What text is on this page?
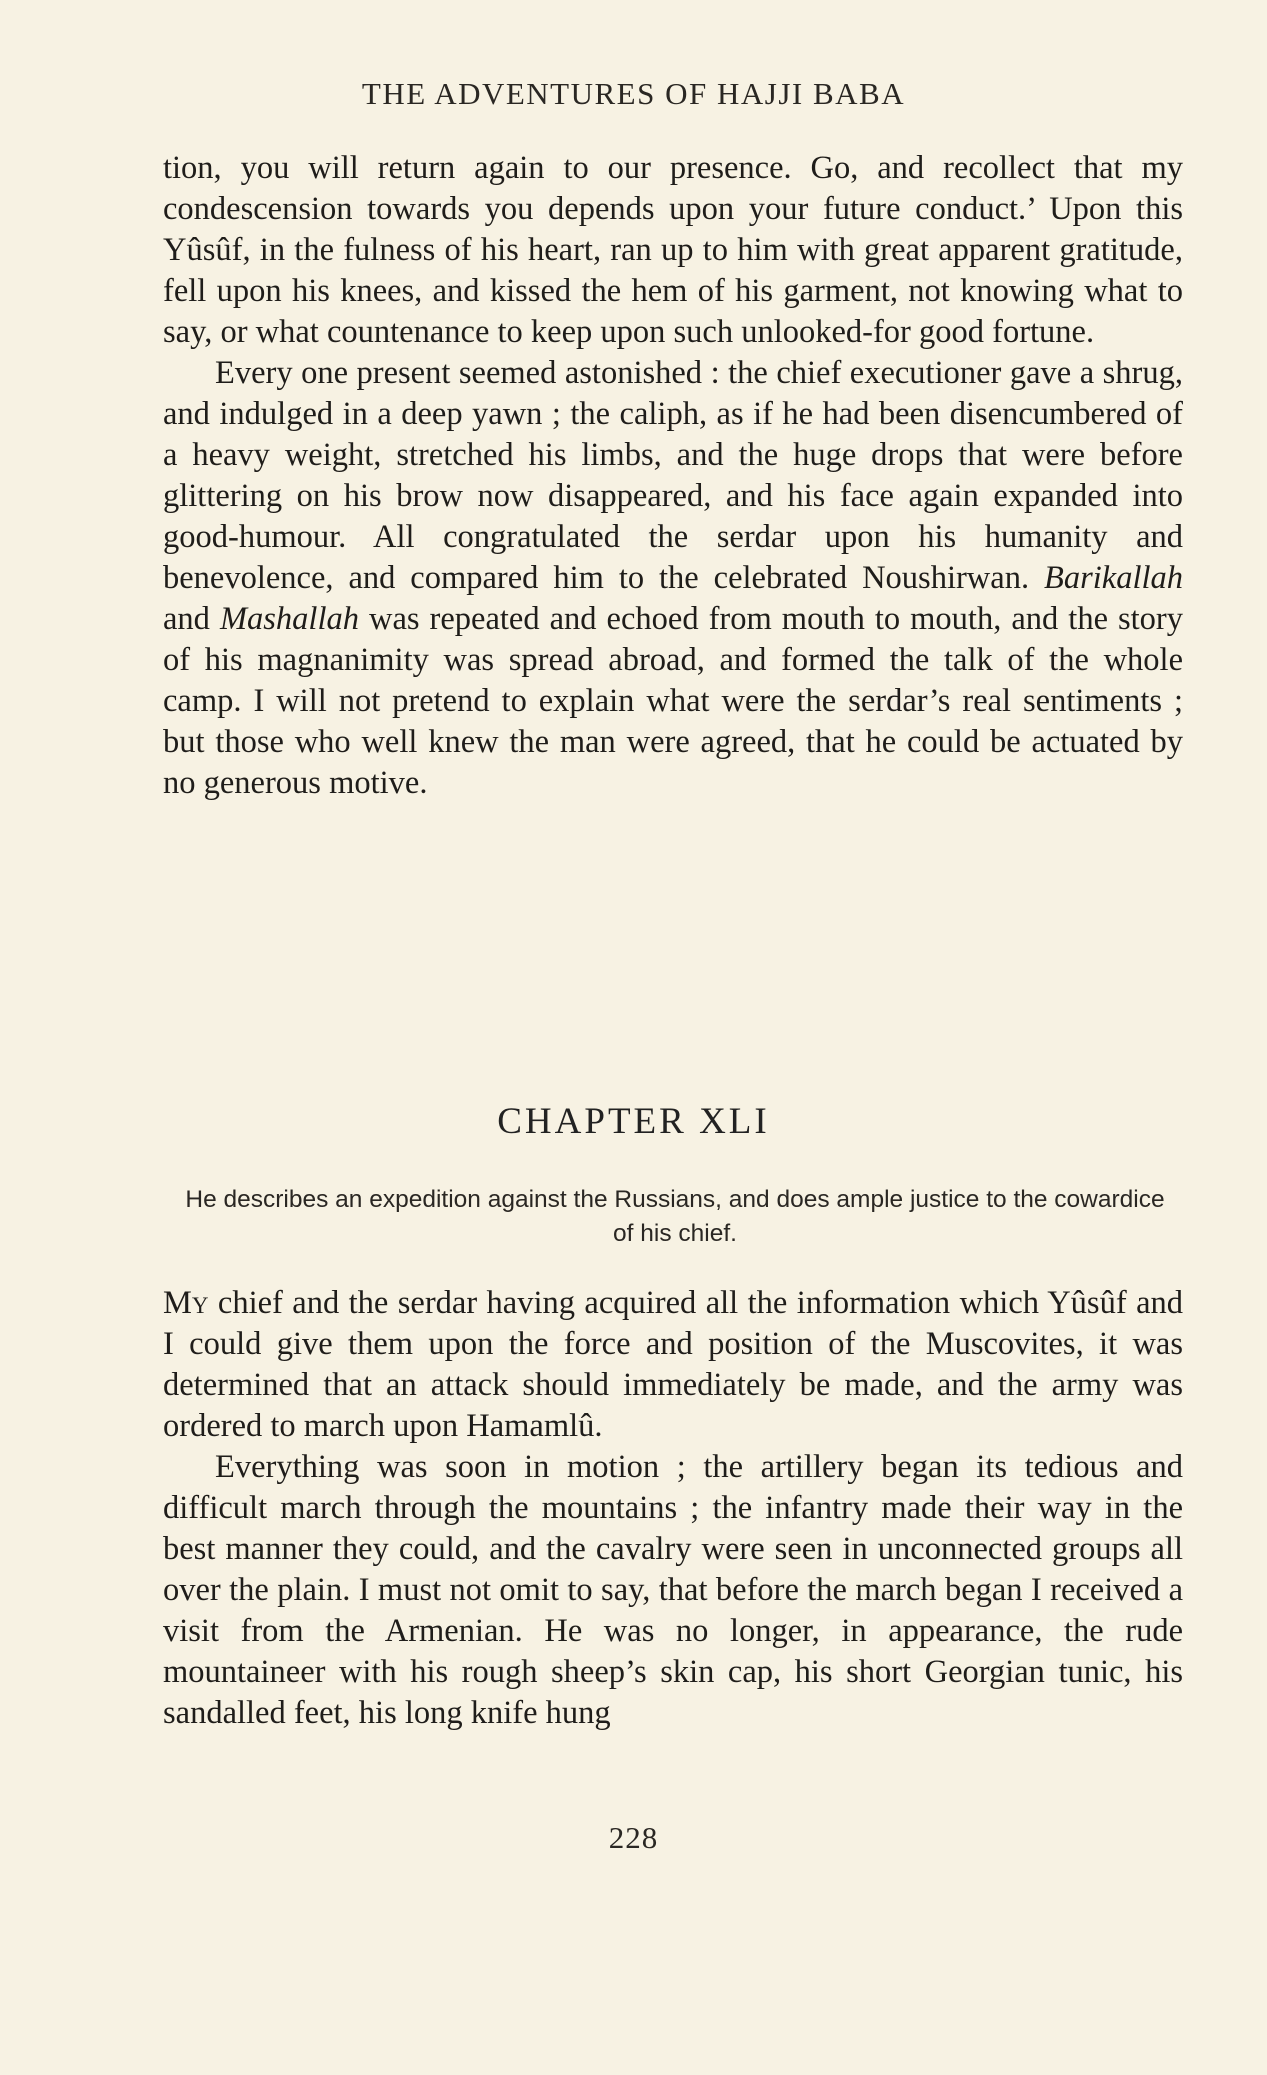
THE ADVENTURES OF HAJJI BABA

tion, you will return again to our presence. Go, and recollect that my condescension towards you depends upon your future conduct.’ Upon this Yûsûf, in the fulness of his heart, ran up to him with great apparent gratitude, fell upon his knees, and kissed the hem of his garment, not knowing what to say, or what countenance to keep upon such unlooked-for good fortune.

Every one present seemed astonished : the chief executioner gave a shrug, and indulged in a deep yawn ; the caliph, as if he had been disencumbered of a heavy weight, stretched his limbs, and the huge drops that were before glittering on his brow now disappeared, and his face again expanded into good-humour. All congratulated the serdar upon his humanity and benevolence, and compared him to the celebrated Noushirwan. Barikallah and Mashallah was repeated and echoed from mouth to mouth, and the story of his magnanimity was spread abroad, and formed the talk of the whole camp. I will not pretend to explain what were the serdar’s real sentiments ; but those who well knew the man were agreed, that he could be actuated by no generous motive.

CHAPTER XLI
He describes an expedition against the Russians, and does ample justice to the cowardice of his chief.

My chief and the serdar having acquired all the information which Yûsûf and I could give them upon the force and position of the Muscovites, it was determined that an attack should immediately be made, and the army was ordered to march upon Hamamlû.

Everything was soon in motion ; the artillery began its tedious and difficult march through the mountains ; the infantry made their way in the best manner they could, and the cavalry were seen in unconnected groups all over the plain. I must not omit to say, that before the march began I received a visit from the Armenian. He was no longer, in appearance, the rude mountaineer with his rough sheep’s skin cap, his short Georgian tunic, his sandalled feet, his long knife hung

228
